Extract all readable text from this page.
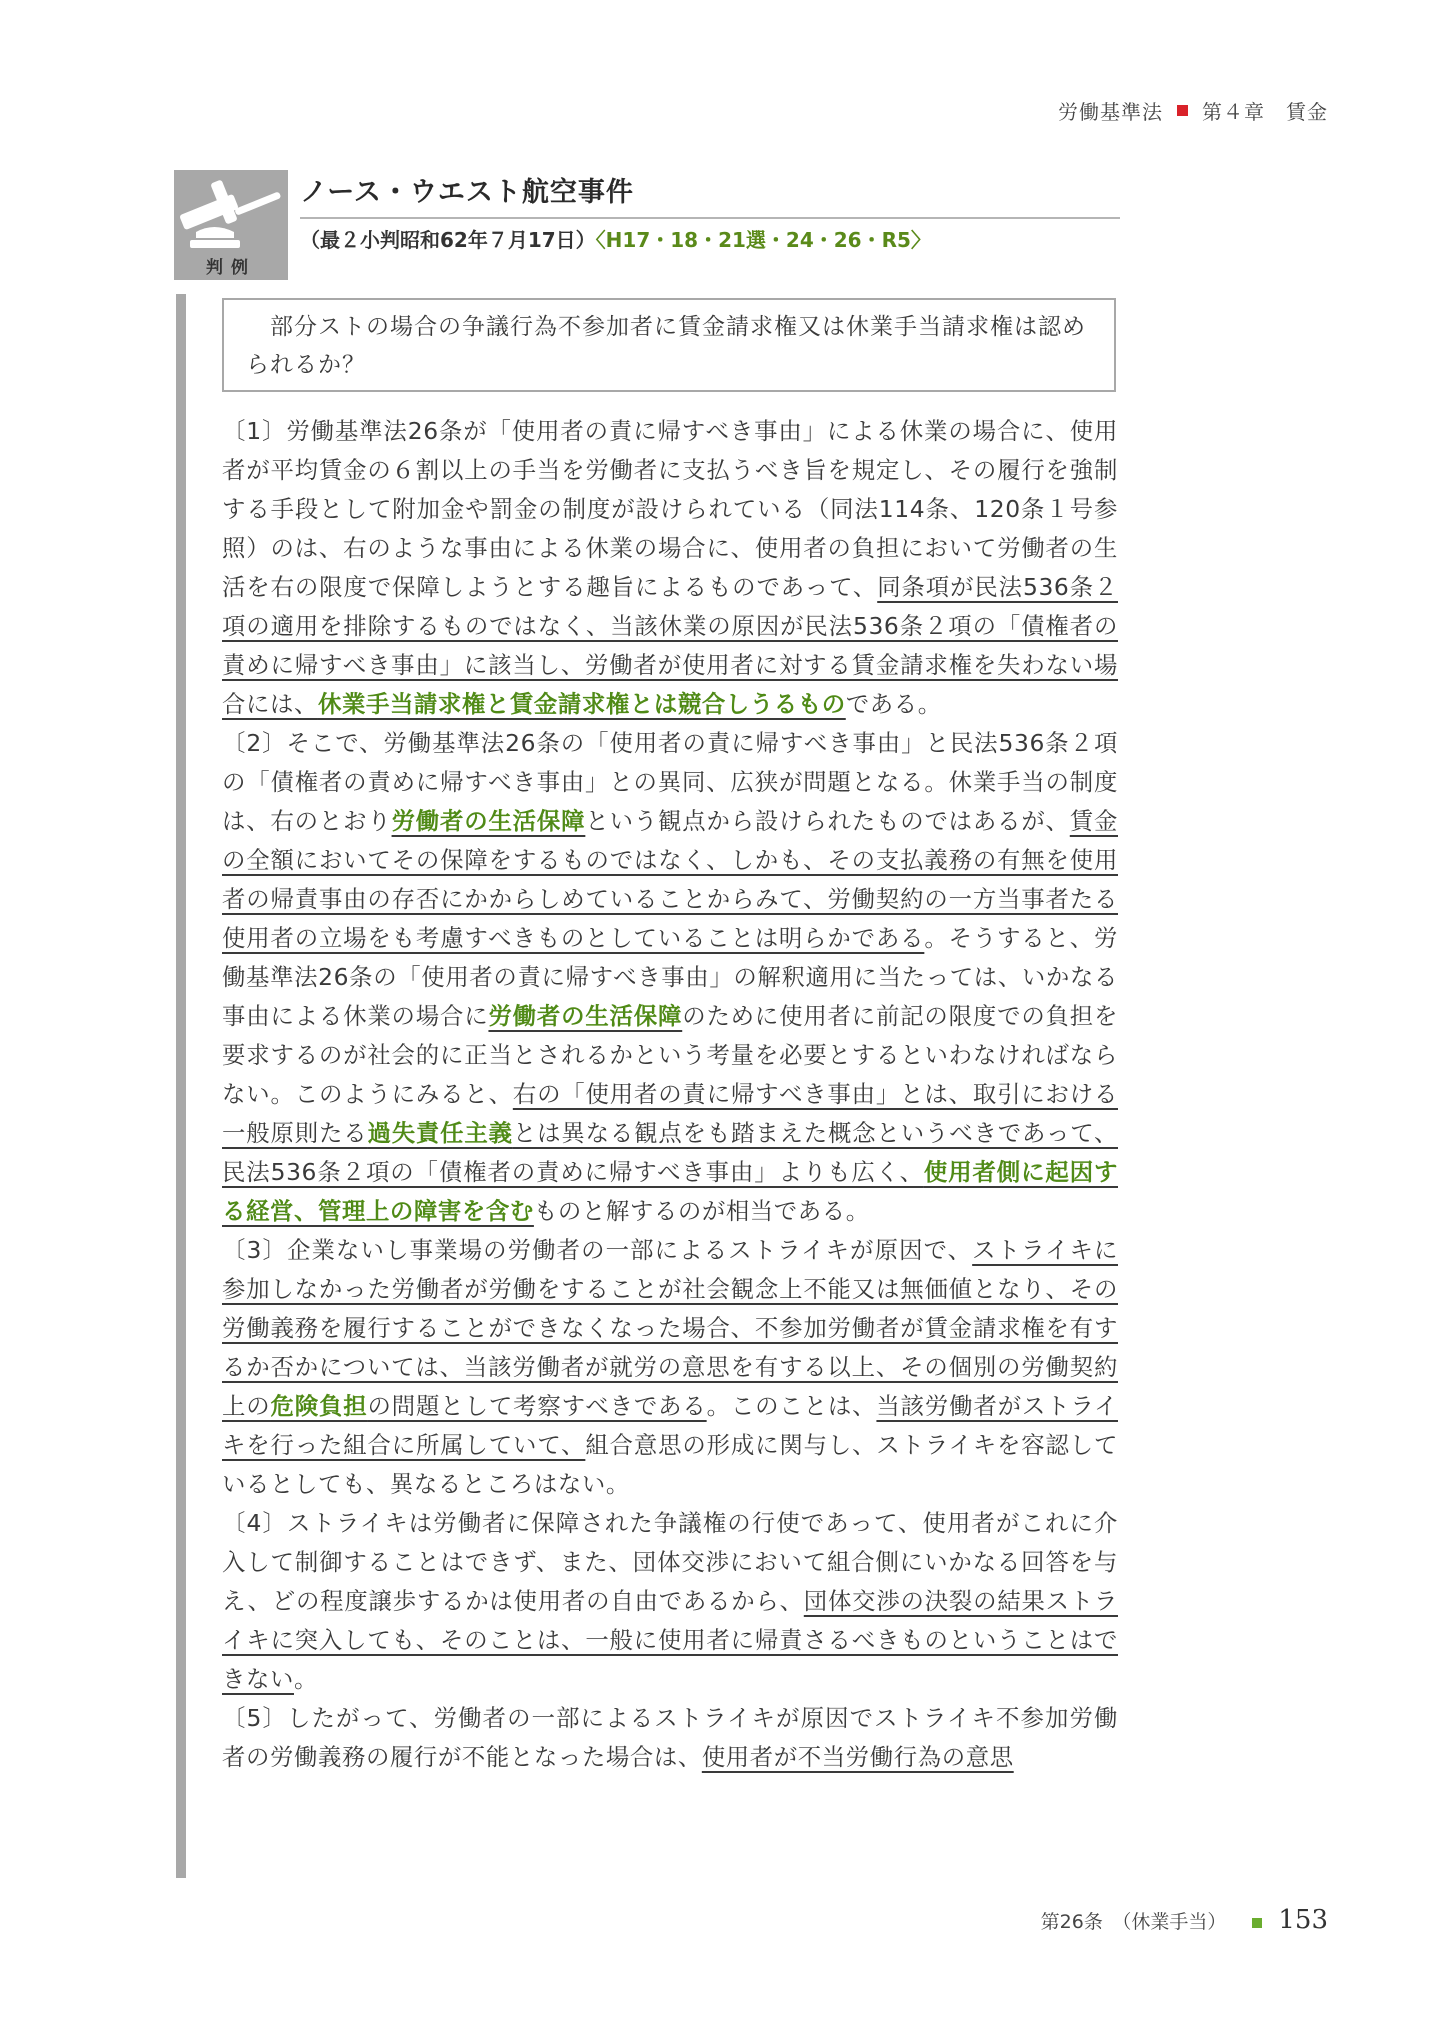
労働基準法 第４章　賃金
判例
ノース・ウエスト航空事件
（最２小判昭和62年７月17日）〈H17・18・21選・24・26・R5〉
　部分ストの場合の争議行為不参加者に賃金請求権又は休業手当請求権は認められるか？

〔1〕労働基準法26条が「使用者の責に帰すべき事由」による休業の場合に、使用者が平均賃金の６割以上の手当を労働者に支払うべき旨を規定し、その履行を強制する手段として附加金や罰金の制度が設けられている（同法114条、120条１号参照）のは、右のような事由による休業の場合に、使用者の負担において労働者の生活を右の限度で保障しようとする趣旨によるものであって、同条項が民法536条２項の適用を排除するものではなく、当該休業の原因が民法536条２項の「債権者の責めに帰すべき事由」に該当し、労働者が使用者に対する賃金請求権を失わない場合には、休業手当請求権と賃金請求権とは競合しうるものである。

〔2〕そこで、労働基準法26条の「使用者の責に帰すべき事由」と民法536条２項の「債権者の責めに帰すべき事由」との異同、広狭が問題となる。休業手当の制度は、右のとおり労働者の生活保障という観点から設けられたものではあるが、賃金の全額においてその保障をするものではなく、しかも、その支払義務の有無を使用者の帰責事由の存否にかからしめていることからみて、労働契約の一方当事者たる使用者の立場をも考慮すべきものとしていることは明らかである。そうすると、労働基準法26条の「使用者の責に帰すべき事由」の解釈適用に当たっては、いかなる事由による休業の場合に労働者の生活保障のために使用者に前記の限度での負担を要求するのが社会的に正当とされるかという考量を必要とするといわなければならない。このようにみると、右の「使用者の責に帰すべき事由」とは、取引における一般原則たる過失責任主義とは異なる観点をも踏まえた概念というべきであって、民法536条２項の「債権者の責めに帰すべき事由」よりも広く、使用者側に起因する経営、管理上の障害を含むものと解するのが相当である。

〔3〕企業ないし事業場の労働者の一部によるストライキが原因で、ストライキに参加しなかった労働者が労働をすることが社会観念上不能又は無価値となり、その労働義務を履行することができなくなった場合、不参加労働者が賃金請求権を有するか否かについては、当該労働者が就労の意思を有する以上、その個別の労働契約上の危険負担の問題として考察すべきである。このことは、当該労働者がストライキを行った組合に所属していて、組合意思の形成に関与し、ストライキを容認しているとしても、異なるところはない。

〔4〕ストライキは労働者に保障された争議権の行使であって、使用者がこれに介入して制御することはできず、また、団体交渉において組合側にいかなる回答を与え、どの程度譲歩するかは使用者の自由であるから、団体交渉の決裂の結果ストライキに突入しても、そのことは、一般に使用者に帰責さるべきものということはできない。

〔5〕したがって、労働者の一部によるストライキが原因でストライキ不参加労働者の労働義務の履行が不能となった場合は、使用者が不当労働行為の意思

第26条　（休業手当） 153
